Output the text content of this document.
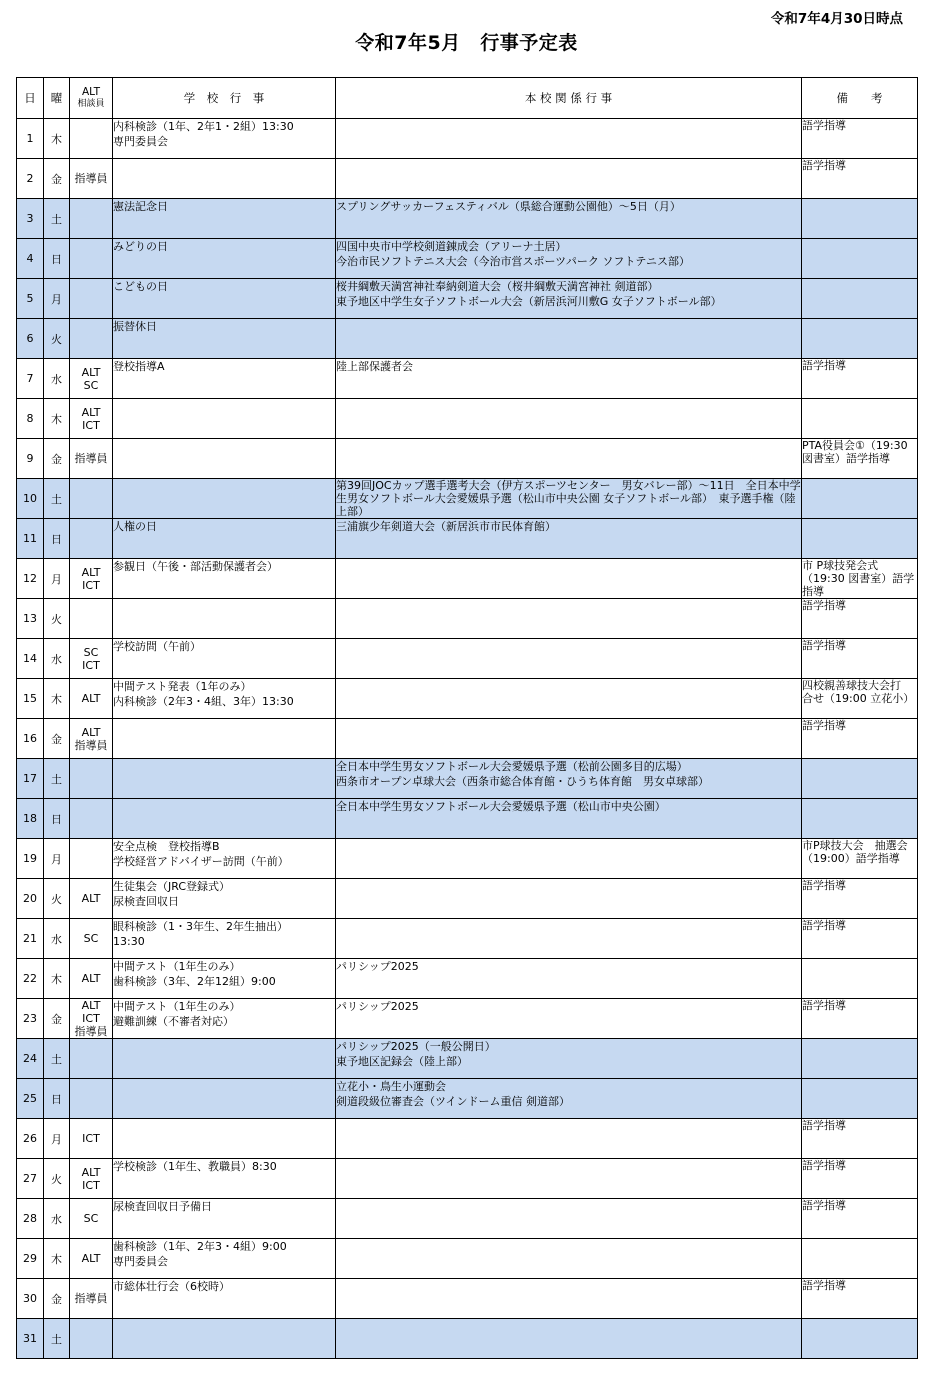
令和7年4月30日時点
令和7年5月　行事予定表
日	曜	ALT
相談員	学　校　行　事	本 校 関 係 行 事	備　　考
1	木		内科検診（1年、2年1・2組）13:30
専門委員会		語学指導
2	金	指導員			語学指導
3	土		憲法記念日	スプリングサッカーフェスティバル（県総合運動公園他）～5日（月）	
4	日		みどりの日	四国中央市中学校剣道錬成会（アリーナ土居）
今治市民ソフトテニス大会（今治市営スポーツパーク ソフトテニス部）	
5	月		こどもの日	桜井綱敷天満宮神社奉納剣道大会（桜井綱敷天満宮神社 剣道部）
東予地区中学生女子ソフトボール大会（新居浜河川敷G 女子ソフトボール部）	
6	火		振替休日		
7	水	ALT
SC	登校指導A	陸上部保護者会	語学指導
8	木	ALT
ICT			
9	金	指導員			PTA役員会①（19:30
図書室）語学指導
10	土			第39回JOCカップ選手選考大会（伊方スポーツセンター　男女バレー部）～11日　全日本中学生男女ソフトボール大会愛媛県予選（松山市中央公園 女子ソフトボール部）　東予選手権（陸上部）	
11	日		人権の日	三浦旗少年剣道大会（新居浜市市民体育館）	
12	月	ALT
ICT	参観日（午後・部活動保護者会）		市 P球技発会式
（19:30 図書室）語学
指導
13	火				語学指導
14	水	SC
ICT	学校訪問（午前）		語学指導
15	木	ALT	中間テスト発表（1年のみ）
内科検診（2年3・4組、3年）13:30		四校親善球技大会打
合せ（19:00 立花小）
16	金	ALT
指導員			語学指導
17	土			全日本中学生男女ソフトボール大会愛媛県予選（松前公園多目的広場）
西条市オープン卓球大会（西条市総合体育館・ひうち体育館　男女卓球部）	
18	日			全日本中学生男女ソフトボール大会愛媛県予選（松山市中央公園）	
19	月		安全点検　登校指導B
学校経営アドバイザー訪問（午前）		市P球技大会　抽選会
（19:00）語学指導
20	火	ALT	生徒集会（JRC登録式）
尿検査回収日		語学指導
21	水	SC	眼科検診（1・3年生、2年生抽出）
13:30		語学指導
22	木	ALT	中間テスト（1年生のみ）
歯科検診（3年、2年12組）9:00	パリシップ2025	
23	金	ALT
ICT
指導員	中間テスト（1年生のみ）
避難訓練（不審者対応）	パリシップ2025	語学指導
24	土			パリシップ2025（一般公開日）
東予地区記録会（陸上部）	
25	日			立花小・鳥生小運動会
剣道段級位審査会（ツインドーム重信 剣道部）	
26	月	ICT			語学指導
27	火	ALT
ICT	学校検診（1年生、教職員）8:30		語学指導
28	水	SC	尿検査回収日予備日		語学指導
29	木	ALT	歯科検診（1年、2年3・4組）9:00
専門委員会		
30	金	指導員	市総体壮行会（6校時）		語学指導
31	土				
